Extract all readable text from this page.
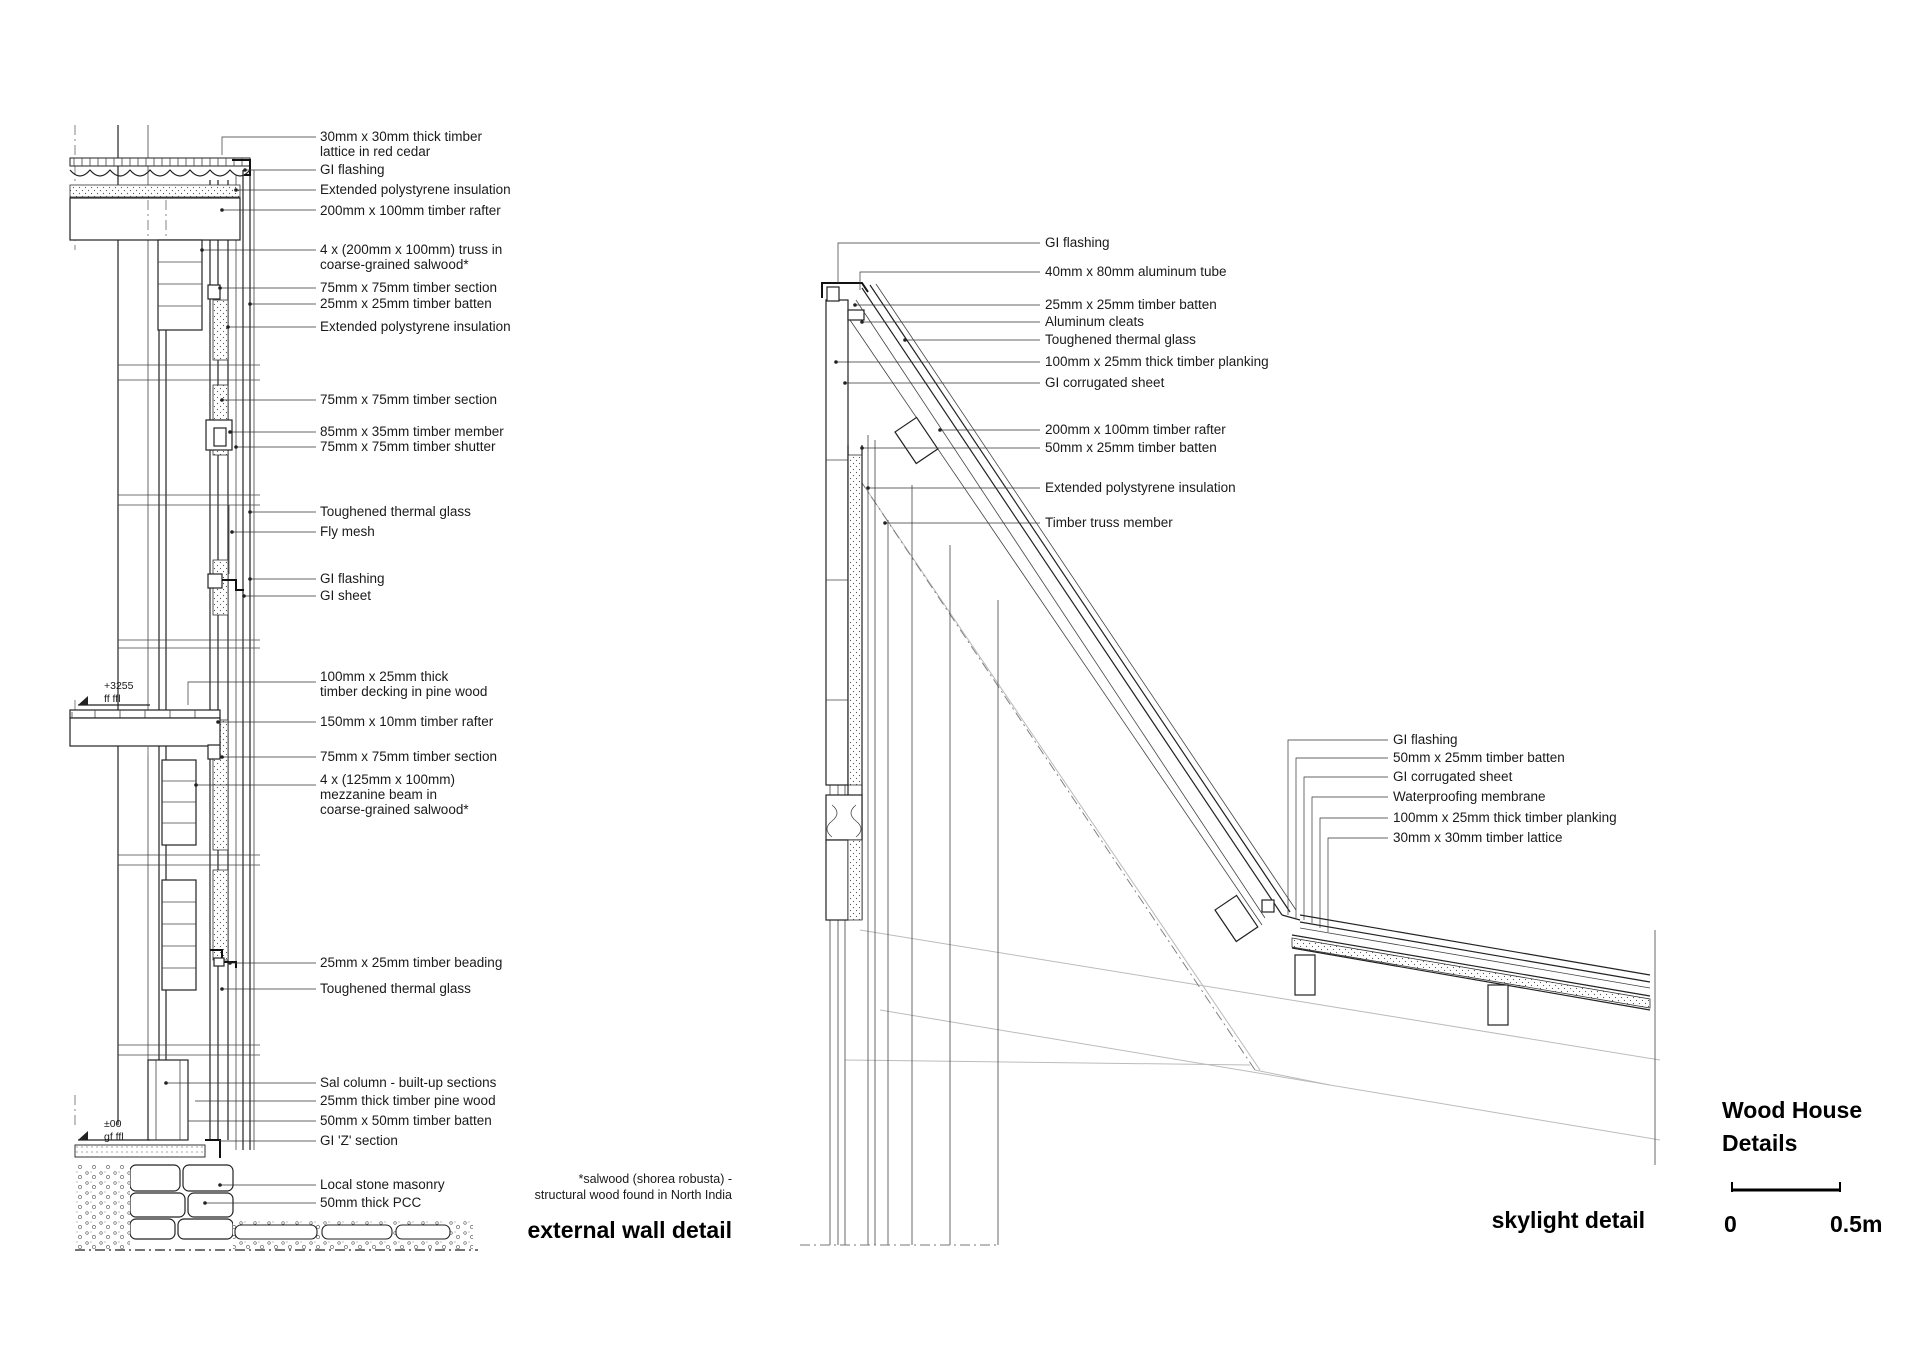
+3255
ff ffl
±00
gf ffl
30mm x 30mm thick timber
lattice in red cedar
GI flashing
Extended polystyrene insulation
200mm x 100mm timber rafter
4 x (200mm x 100mm) truss in
coarse-grained salwood*
75mm x 75mm timber section
25mm x 25mm timber batten
Extended polystyrene insulation
75mm x 75mm timber section
85mm x 35mm timber member
75mm x 75mm timber shutter
Toughened thermal glass
Fly mesh
GI flashing
GI sheet
100mm x 25mm thick
timber decking in pine wood
150mm x 10mm timber rafter
75mm x 75mm timber section
4 x (125mm x 100mm)
mezzanine beam in
coarse-grained salwood*
25mm x 25mm timber beading
Toughened thermal glass
Sal column - built-up sections
25mm thick timber pine wood
50mm x 50mm timber batten
GI 'Z' section
Local stone masonry
50mm thick PCC
*salwood (shorea robusta) -
structural wood found in North India
external wall detail
GI flashing
40mm x 80mm aluminum tube
25mm x 25mm timber batten
Aluminum cleats
Toughened thermal glass
100mm x 25mm thick timber planking
GI corrugated sheet
200mm x 100mm timber rafter
50mm x 25mm timber batten
Extended polystyrene insulation
Timber truss member
GI flashing
50mm x 25mm timber batten
GI corrugated sheet
Waterproofing membrane
100mm x 25mm thick timber planking
30mm x 30mm timber lattice
skylight detail
Wood House
Details
0	0.5m
